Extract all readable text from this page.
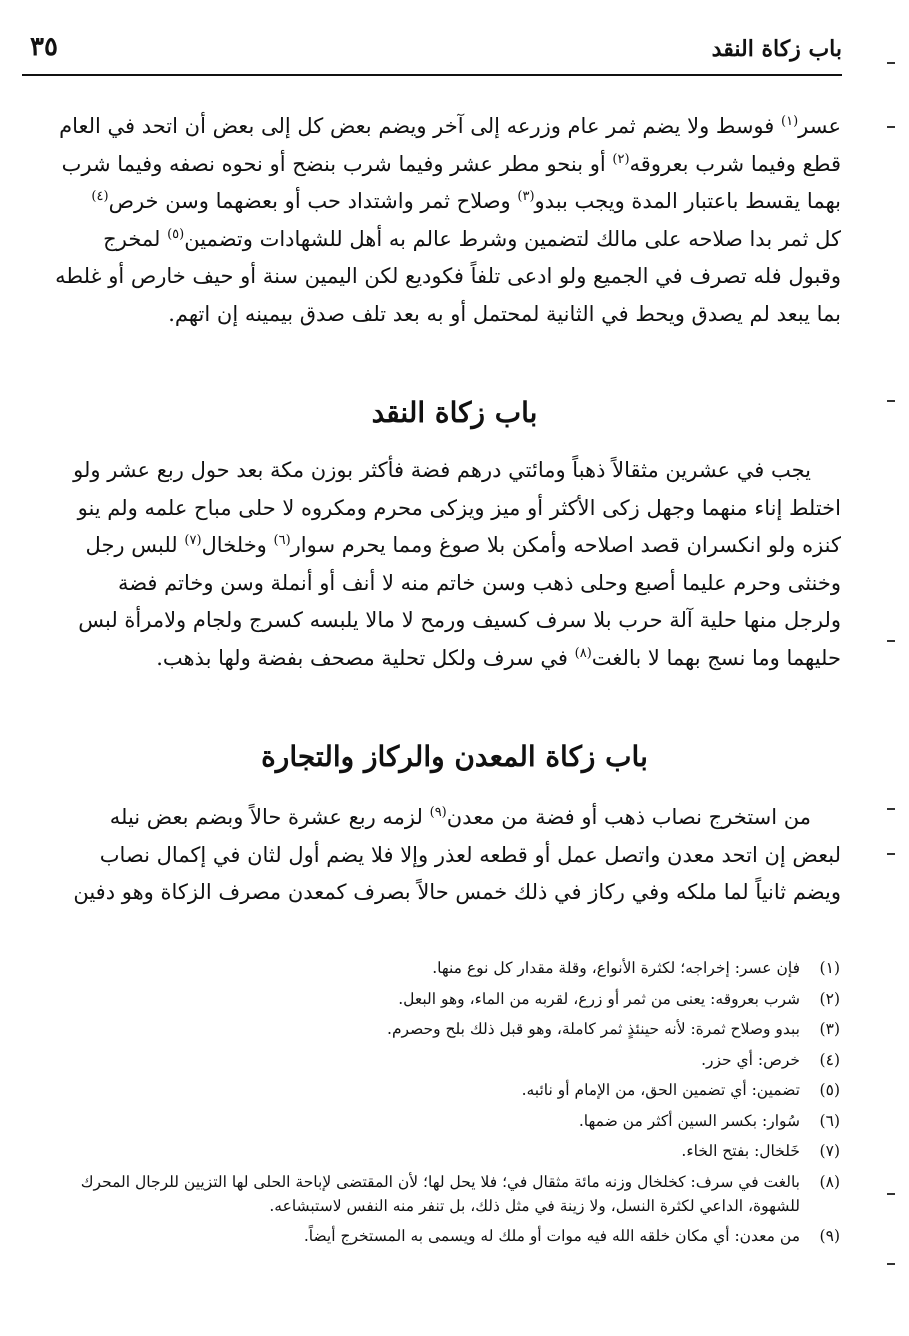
باب زكاة النقد
٣٥
عسر$^{(١)}$ فوسط ولا يضم ثمر عام وزرعه إلى آخر ويضم بعض كل إلى بعض أن اتحد في العام
قطع وفيما شرب بعروقه$^{(٢)}$ أو بنحو مطر عشر وفيما شرب بنضح أو نحوه نصفه وفيما شرب
بهما يقسط باعتبار المدة ويجب ببدو$^{(٣)}$ وصلاح ثمر واشتداد حب أو بعضهما وسن خرص$^{(٤)}$
كل ثمر بدا صلاحه على مالك لتضمين وشرط عالم به أهل للشهادات وتضمين$^{(٥)}$ لمخرج
وقبول فله تصرف في الجميع ولو ادعى تلفاً فكوديع لكن اليمين سنة أو حيف خارص أو غلطه
بما يبعد لم يصدق ويحط في الثانية لمحتمل أو به بعد تلف صدق بيمينه إن اتهم.
باب زكاة النقد
يجب في عشرين مثقالاً ذهباً ومائتي درهم فضة فأكثر بوزن مكة بعد حول ربع عشر ولو
اختلط إناء منهما وجهل زكى الأكثر أو ميز ويزكى محرم ومكروه لا حلى مباح علمه ولم ينو
كنزه ولو انكسران قصد اصلاحه وأمكن بلا صوغ ومما يحرم سوار$^{(٦)}$ وخلخال$^{(٧)}$ للبس رجل
وخنثى وحرم عليما أصبع وحلى ذهب وسن خاتم منه لا أنف أو أنملة وسن وخاتم فضة
ولرجل منها حلية آلة حرب بلا سرف كسيف ورمح لا مالا يلبسه كسرج ولجام ولامرأة لبس
حليهما وما نسج بهما لا بالغت$^{(٨)}$ في سرف ولكل تحلية مصحف بفضة ولها بذهب.
باب زكاة المعدن والركاز والتجارة
من استخرج نصاب ذهب أو فضة من معدن$^{(٩)}$ لزمه ربع عشرة حالاً وبضم بعض نيله
لبعض إن اتحد معدن واتصل عمل أو قطعه لعذر وإلا فلا يضم أول لثان في إكمال نصاب
ويضم ثانياً لما ملكه وفي ركاز في ذلك خمس حالاً بصرف كمعدن مصرف الزكاة وهو دفين
(١)
فإن عسر: إخراجه؛ لكثرة الأنواع، وقلة مقدار كل نوع منها.
(٢)
شرب بعروقه: يعنى من ثمر أو زرع، لقربه من الماء، وهو البعل.
(٣)
ببدو وصلاح ثمرة: لأنه حينئذٍ ثمر كاملة، وهو قبل ذلك بلح وحصرم.
(٤)
خرص: أي حزر.
(٥)
تضمين: أي تضمين الحق، من الإمام أو نائبه.
(٦)
سُوار: بكسر السين أكثر من ضمها.
(٧)
خَلخال: بفتح الخاء.
(٨)
بالغت في سرف: كخلخال وزنه مائة مثقال في؛ فلا يحل لها؛ لأن المقتضى لإباحة الحلى لها التزيين للرجال المحرك للشهوة، الداعي لكثرة النسل، ولا زينة في مثل ذلك، بل تنفر منه النفس لاستبشاعه.
(٩)
من معدن: أي مكان خلقه الله فيه موات أو ملك له ويسمى به المستخرج أيضاً.
